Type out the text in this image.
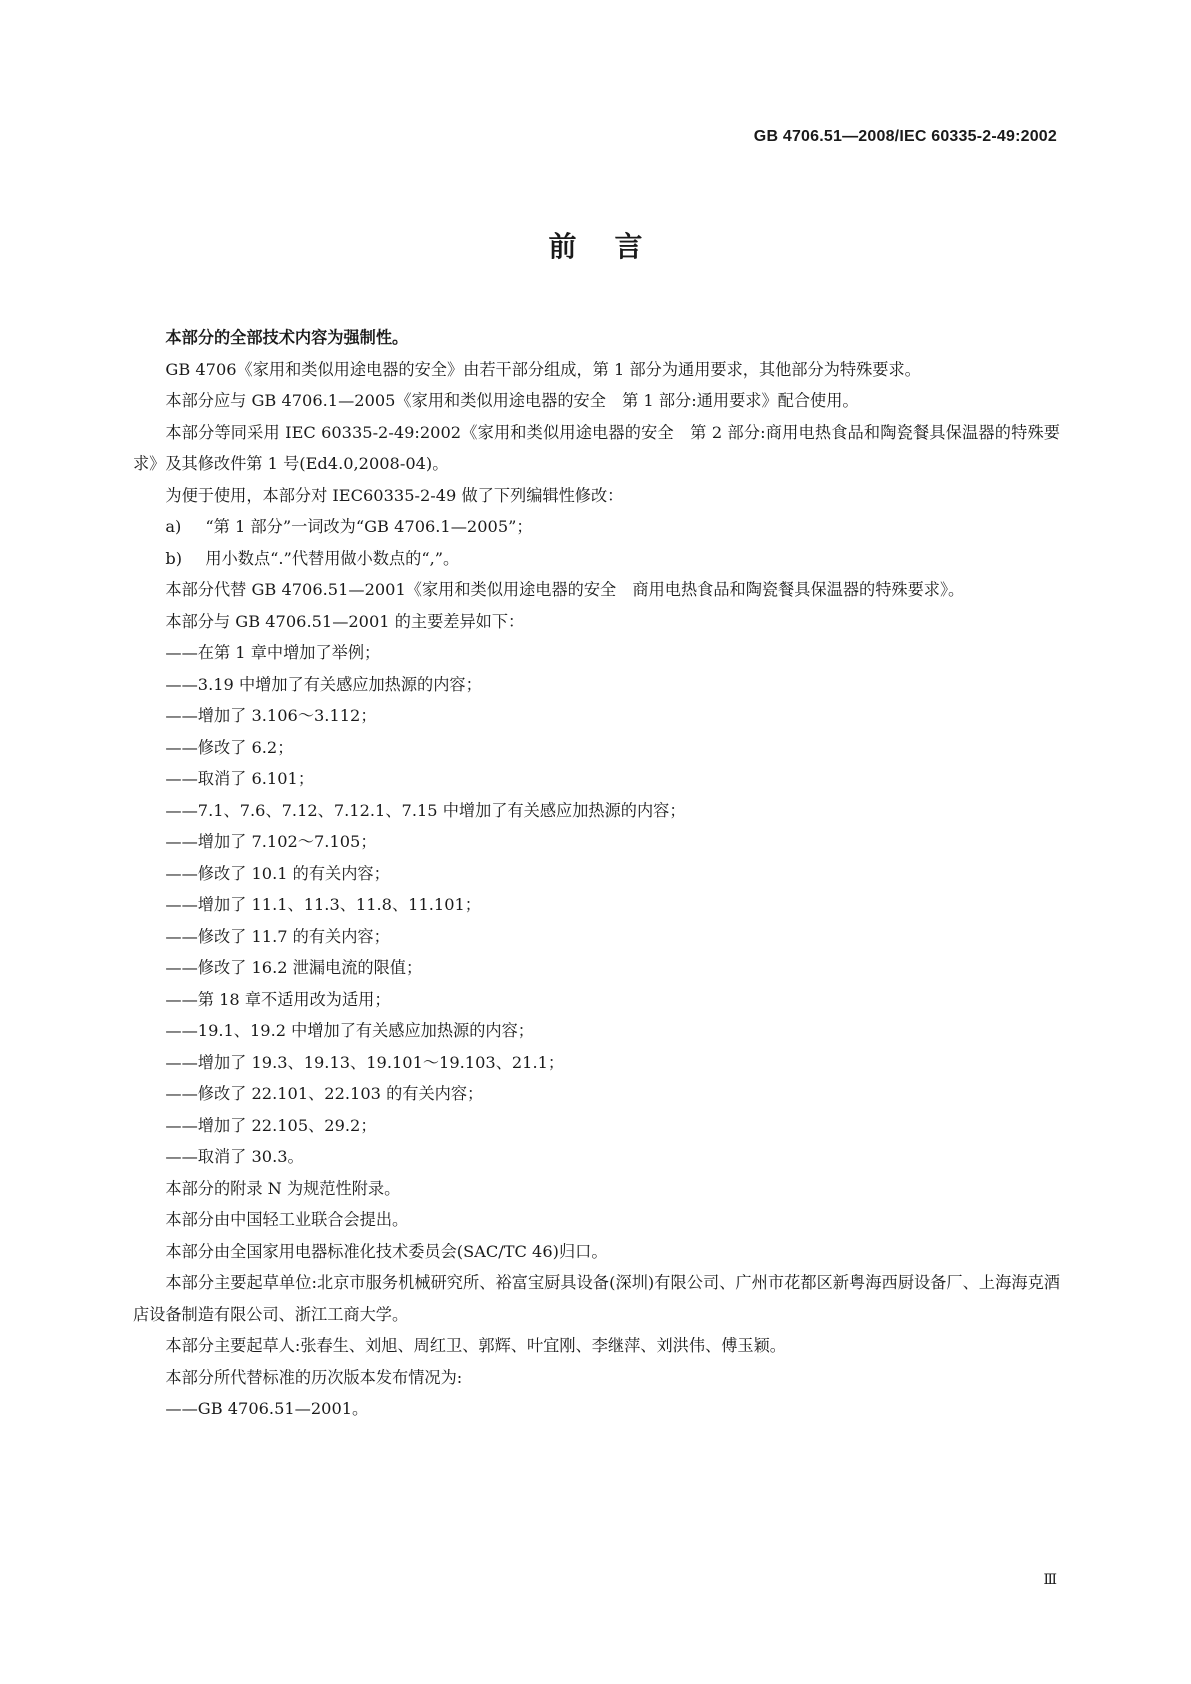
GB 4706.51—2008/IEC 60335-2-49:2002
前言

本部分的全部技术内容为强制性。

GB 4706《家用和类似用途电器的安全》由若干部分组成，第 1 部分为通用要求，其他部分为特殊要求。

本部分应与 GB 4706.1—2005《家用和类似用途电器的安全　第 1 部分:通用要求》配合使用。

本部分等同采用 IEC 60335-2-49:2002《家用和类似用途电器的安全　第 2 部分:商用电热食品和陶瓷餐具保温器的特殊要求》及其修改件第 1 号(Ed4.0,2008-04)。

为便于使用，本部分对 IEC60335-2-49 做了下列编辑性修改：

a) “第 1 部分”一词改为“GB 4706.1—2005”；

b) 用小数点“.”代替用做小数点的“,”。

本部分代替 GB 4706.51—2001《家用和类似用途电器的安全　商用电热食品和陶瓷餐具保温器的特殊要求》。

本部分与 GB 4706.51—2001 的主要差异如下：

——在第 1 章中增加了举例；

——3.19 中增加了有关感应加热源的内容；

——增加了 3.106～3.112；

——修改了 6.2；

——取消了 6.101；

——7.1、7.6、7.12、7.12.1、7.15 中增加了有关感应加热源的内容；

——增加了 7.102～7.105；

——修改了 10.1 的有关内容；

——增加了 11.1、11.3、11.8、11.101；

——修改了 11.7 的有关内容；

——修改了 16.2 泄漏电流的限值；

——第 18 章不适用改为适用；

——19.1、19.2 中增加了有关感应加热源的内容；

——增加了 19.3、19.13、19.101～19.103、21.1；

——修改了 22.101、22.103 的有关内容；

——增加了 22.105、29.2；

——取消了 30.3。

本部分的附录 N 为规范性附录。

本部分由中国轻工业联合会提出。

本部分由全国家用电器标准化技术委员会(SAC/TC 46)归口。

本部分主要起草单位:北京市服务机械研究所、裕富宝厨具设备(深圳)有限公司、广州市花都区新粤海西厨设备厂、上海海克酒店设备制造有限公司、浙江工商大学。

本部分主要起草人:张春生、刘旭、周红卫、郭辉、叶宜刚、李继萍、刘洪伟、傅玉颖。

本部分所代替标准的历次版本发布情况为:

——GB 4706.51—2001。

Ⅲ
